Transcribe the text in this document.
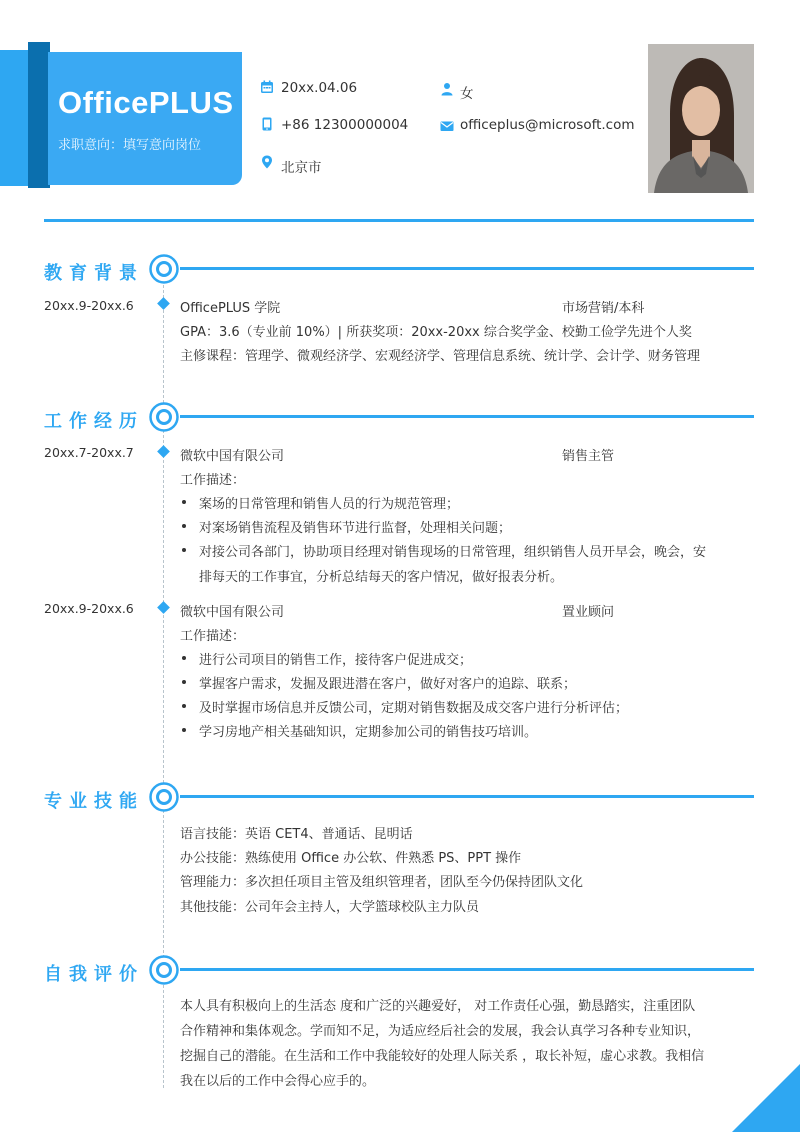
OfficePLUS
求职意向：填写意向岗位
20xx.04.06	女
+86 12300000004	officeplus@microsoft.com
北京市
教育背景
20xx.9-20xx.6	OfficePLUS 学院	市场营销/本科
GPA：3.6（专业前 10%）| 所获奖项：20xx-20xx 综合奖学金、校勤工俭学先进个人奖
主修课程：管理学、微观经济学、宏观经济学、管理信息系统、统计学、会计学、财务管理
工作经历
20xx.7-20xx.7	微软中国有限公司	销售主管
工作描述：
案场的日常管理和销售人员的行为规范管理；
对案场销售流程及销售环节进行监督，处理相关问题；
对接公司各部门，协助项目经理对销售现场的日常管理，组织销售人员开早会，晚会，安
排每天的工作事宜，分析总结每天的客户情况，做好报表分析。
20xx.9-20xx.6	微软中国有限公司	置业顾问
工作描述：
进行公司项目的销售工作，接待客户促进成交；
掌握客户需求，发掘及跟进潜在客户，做好对客户的追踪、联系；
及时掌握市场信息并反馈公司，定期对销售数据及成交客户进行分析评估；
学习房地产相关基础知识，定期参加公司的销售技巧培训。
专业技能
语言技能：英语 CET4、普通话、昆明话
办公技能：熟练使用 Office 办公软、件熟悉 PS、PPT 操作
管理能力：多次担任项目主管及组织管理者，团队至今仍保持团队文化
其他技能：公司年会主持人，大学篮球校队主力队员
自我评价
本人具有积极向上的生活态 度和广泛的兴趣爱好， 对工作责任心强，勤恳踏实，注重团队
合作精神和集体观念。学而知不足，为适应经后社会的发展，我会认真学习各种专业知识，
挖掘自己的潜能。在生活和工作中我能较好的处理人际关系 ，取长补短，虚心求教。我相信
我在以后的工作中会得心应手的。
